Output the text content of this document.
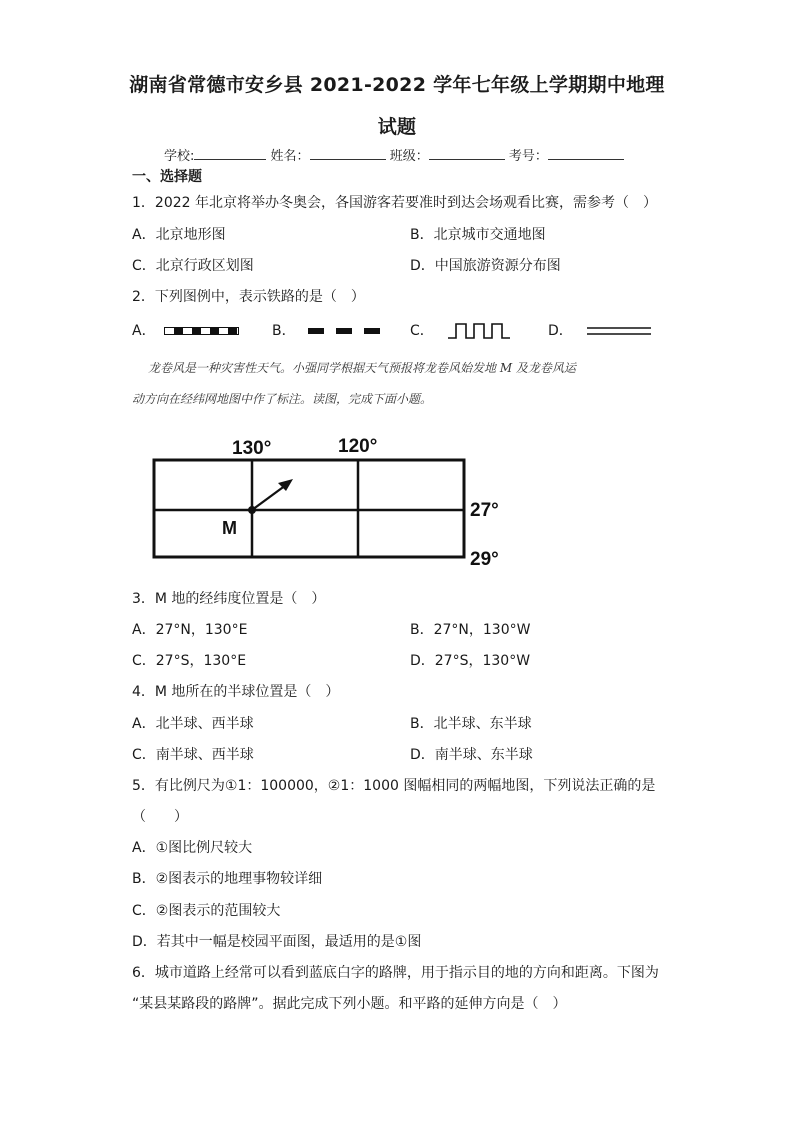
湖南省常德市安乡县 2021-2022 学年七年级上学期期中地理
试题
学校:	姓名：	班级：	考号：
一、选择题
1．2022 年北京将举办冬奥会，各国游客若要准时到达会场观看比赛，需参考（　）
A．北京地形图	B．北京城市交通地图
C．北京行政区划图	D．中国旅游资源分布图
2．下列图例中，表示铁路的是（　）
A．	B．	C．	D．
龙卷风是一种灾害性天气。小强同学根据天气预报将龙卷风始发地 M 及龙卷风运
动方向在经纬网地图中作了标注。读图，完成下面小题。
130°	120°
27°
29°
M
3．M 地的经纬度位置是（　）
A．27°N，130°E	B．27°N，130°W
C．27°S，130°E	D．27°S，130°W
4．M 地所在的半球位置是（　）
A．北半球、西半球	B．北半球、东半球
C．南半球、西半球	D．南半球、东半球
5．有比例尺为①1：100000，②1：1000 图幅相同的两幅地图，下列说法正确的是
（　　）
A．①图比例尺较大
B．②图表示的地理事物较详细
C．②图表示的范围较大
D．若其中一幅是校园平面图，最适用的是①图
6．城市道路上经常可以看到蓝底白字的路牌，用于指示目的地的方向和距离。下图为
“某县某路段的路牌”。据此完成下列小题。和平路的延伸方向是（　）
